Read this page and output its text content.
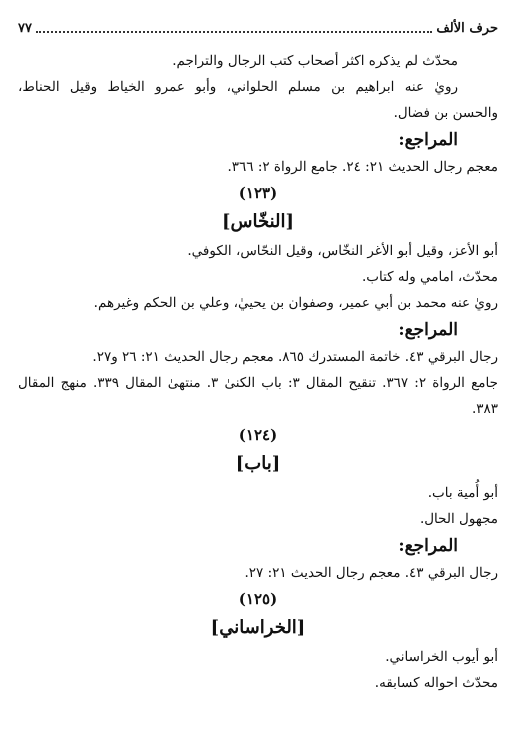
حرف الألف
٧٧
محدّث لم يذكره اكثر أصحاب كتب الرجال والتراجم.
رويٰ عنه ابراهيم بن مسلم الحلواني، وأبو عمرو الخياط وقيل الحناط،
والحسن بن فضال.
المراجع:
معجم رجال الحديث ٢١: ٢٤. جامع الرواة ٢: ٣٦٦.
(١٢٣)
[النخّاس]
أبو الأعز، وقيل أبو الأغر النخّاس، وقيل النحّاس، الكوفي.
محدّث، امامي وله كتاب.
رويٰ عنه محمد بن أبي عمير، وصفوان بن يحييٰ، وعلي بن الحكم وغيرهم.
المراجع:
رجال البرقي ٤٣. خاتمة المستدرك ٨٦٥. معجم رجال الحديث ٢١: ٢٦ و٢٧.
جامع الرواة ٢: ٣٦٧. تنقيح المقال ٣: باب الكنىٰ ٣. منتهىٰ المقال ٣٣٩. منهج المقال
٣٨٣.
(١٢٤)
[باب]
أبو أُمية باب.
مجهول الحال.
المراجع:
رجال البرقي ٤٣. معجم رجال الحديث ٢١: ٢٧.
(١٢٥)
[الخراساني]
أبو أيوب الخراساني.
محدّث احواله كسابقه.
